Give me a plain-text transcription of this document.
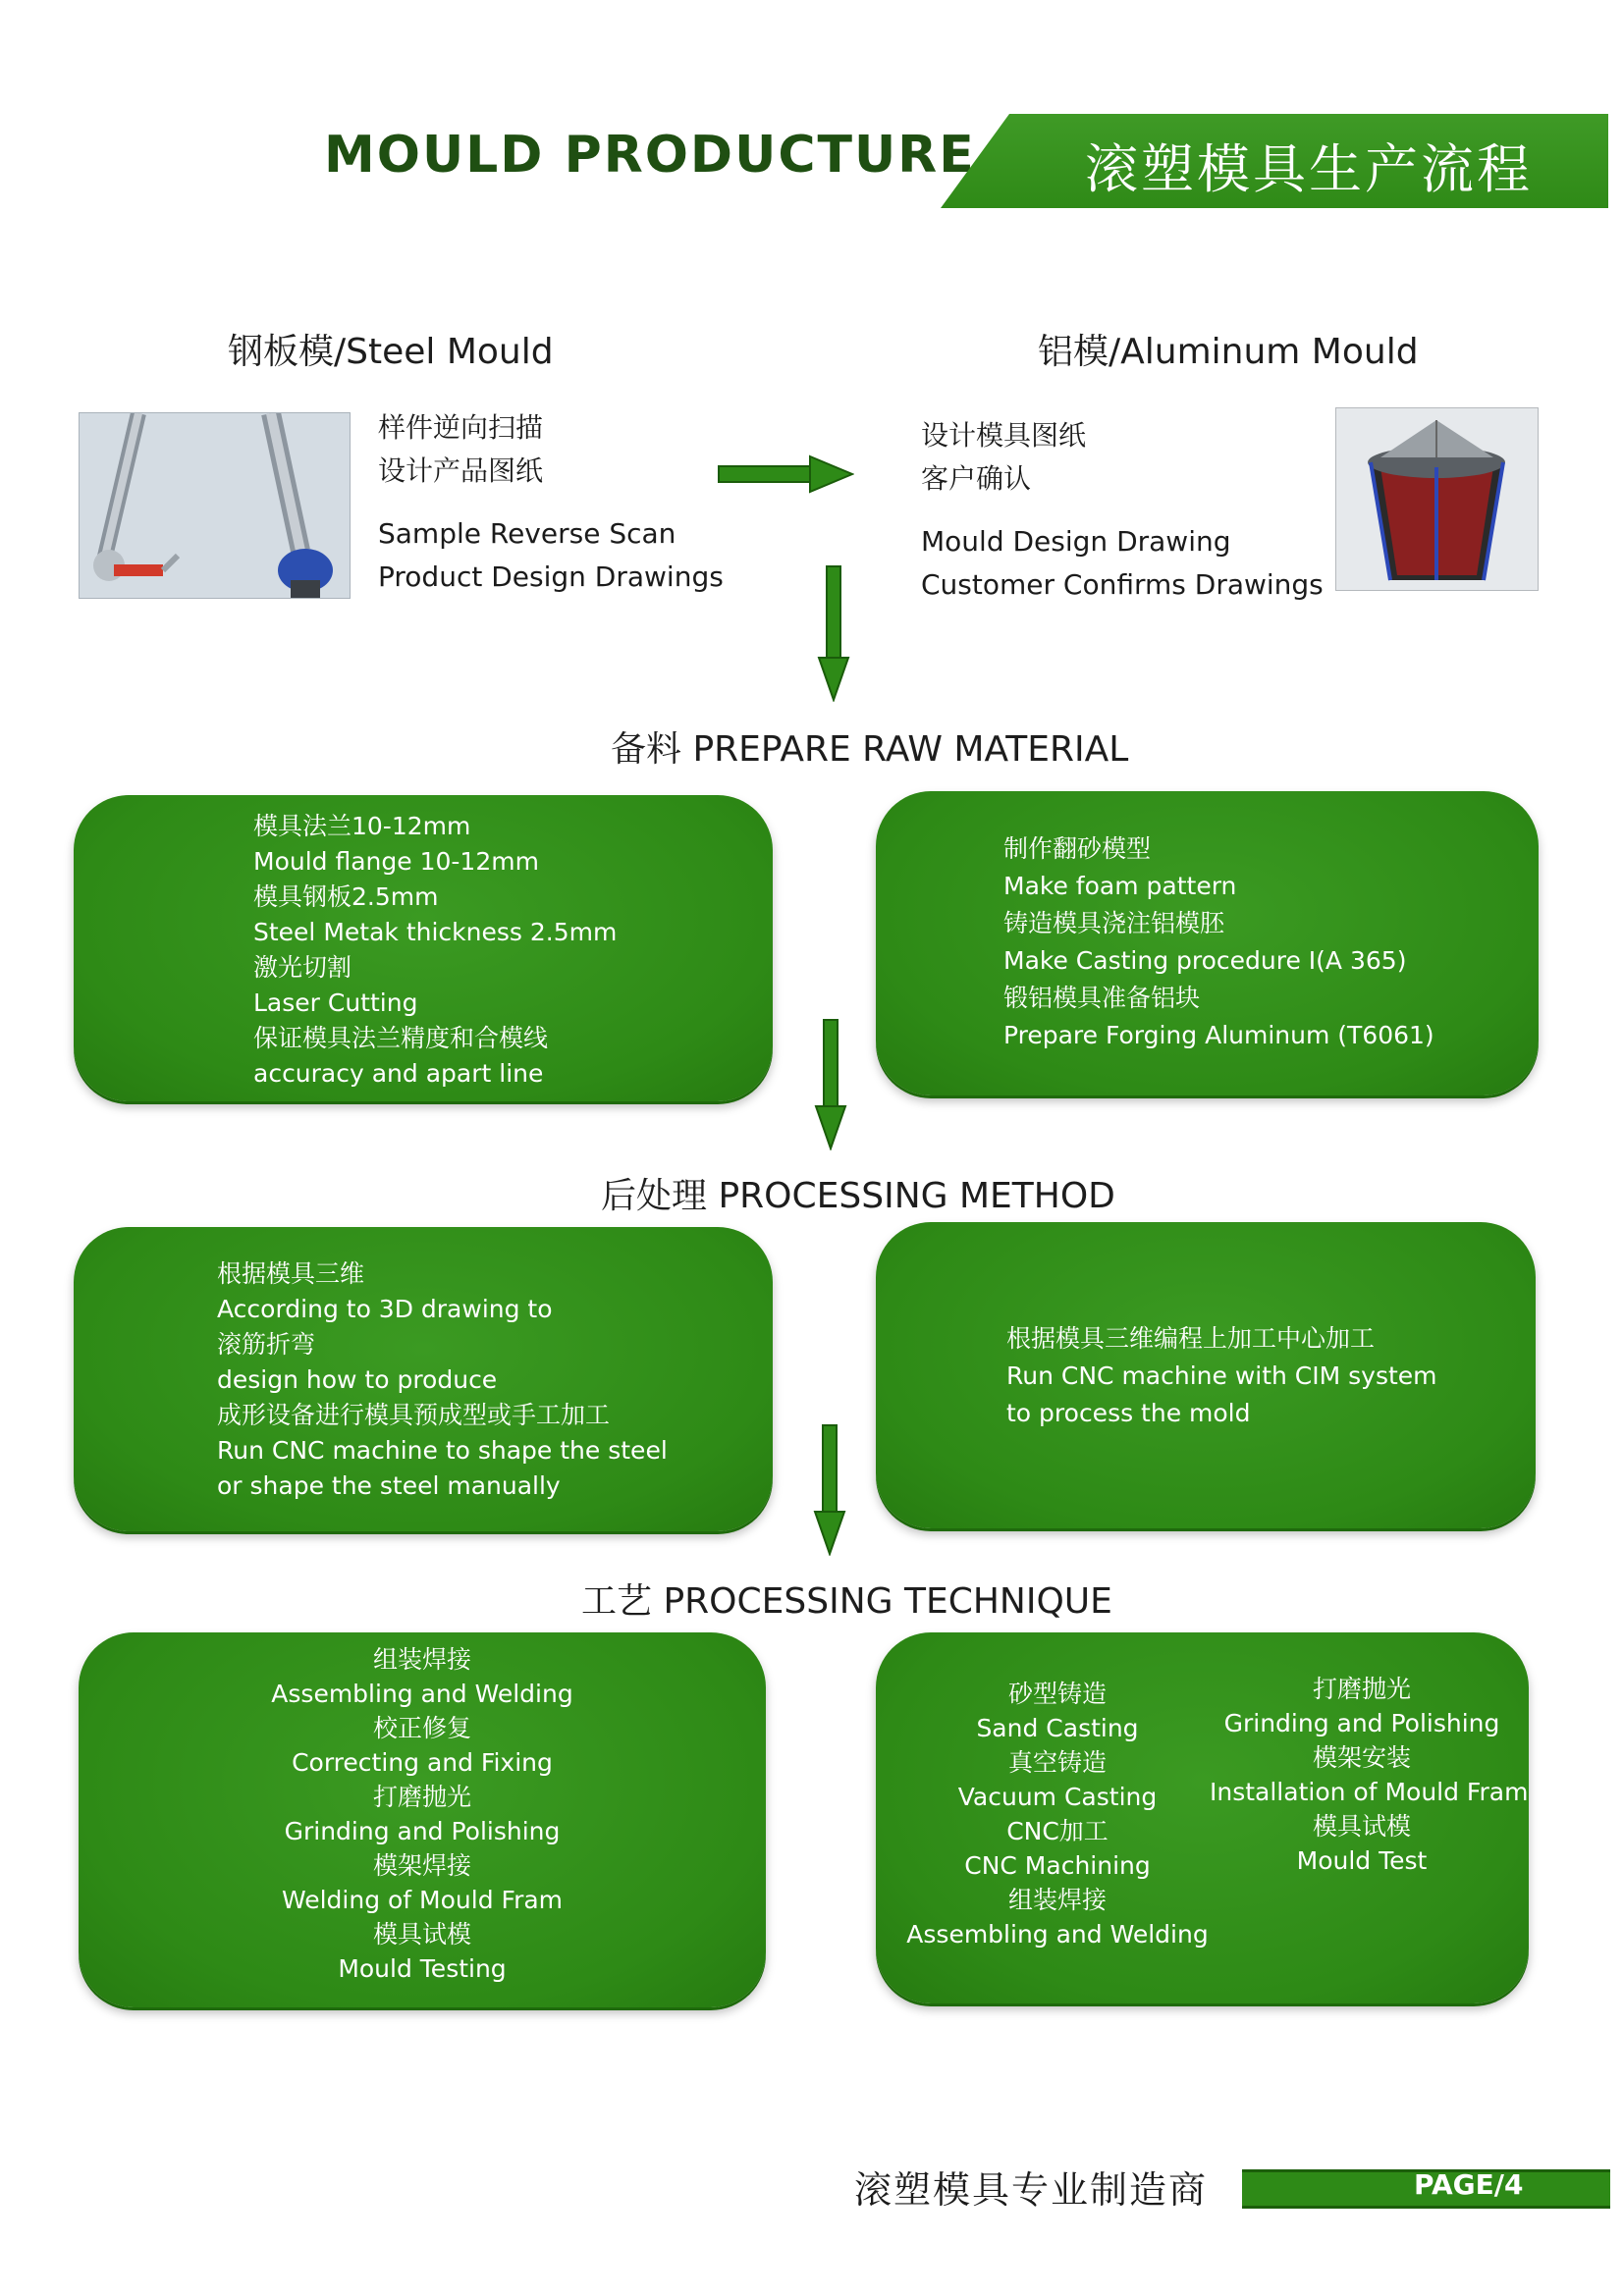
MOULD PRODUCTURE 滚塑模具生产流程
钢板模/Steel Mould	铝模/Aluminum Mould
样件逆向扫描
设计产品图纸
Sample Reverse Scan
Product Design Drawings
设计模具图纸
客户确认
Mould Design Drawing
Customer Confirms Drawings
备料 PREPARE RAW MATERIAL
模具法兰10-12mm
Mould flange 10-12mm
模具钢板2.5mm
Steel Metak thickness 2.5mm
激光切割
Laser Cutting
保证模具法兰精度和合模线
accuracy and apart line
制作翻砂模型
Make foam pattern
铸造模具浇注铝模胚
Make Casting procedure I(A 365)
锻铝模具准备铝块
Prepare Forging Aluminum (T6061)
后处理 PROCESSING METHOD
根据模具三维
According to 3D drawing to
滚筋折弯
design how to produce
成形设备进行模具预成型或手工加工
Run CNC machine to shape the steel
or shape the steel manually
根据模具三维编程上加工中心加工
Run CNC machine with CIM system
to process the mold
工艺 PROCESSING TECHNIQUE
组装焊接
Assembling and Welding
校正修复
Correcting and Fixing
打磨抛光
Grinding and Polishing
模架焊接
Welding of Mould Fram
模具试模
Mould Testing
砂型铸造
Sand Casting
真空铸造
Vacuum Casting
CNC加工
CNC Machining
组装焊接
Assembling and Welding
打磨抛光
Grinding and Polishing
模架安装
Installation of Mould Fram
模具试模
Mould Test
滚塑模具专业制造商	PAGE/4
